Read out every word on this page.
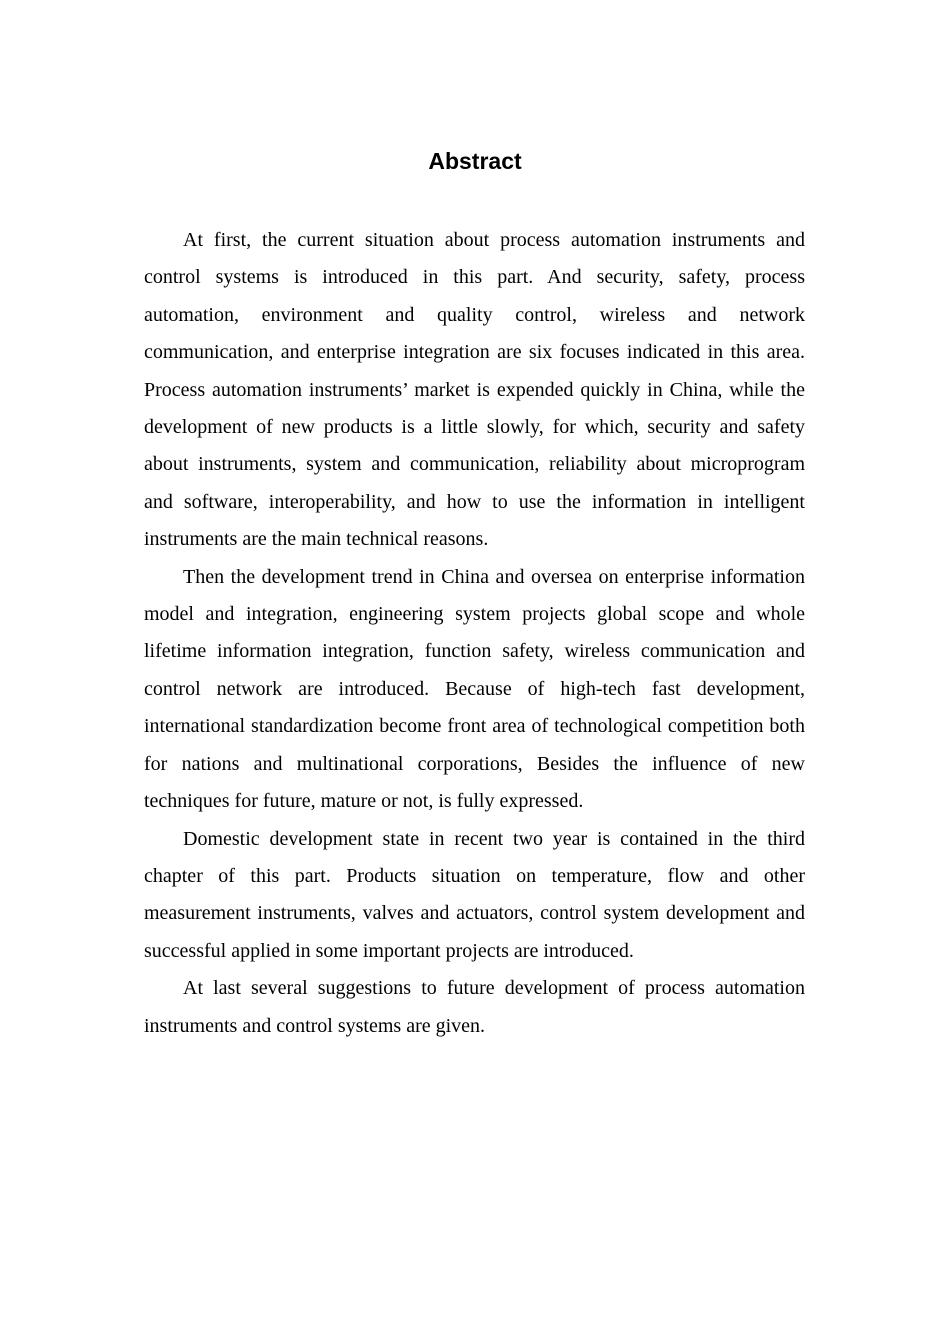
Abstract

At first, the current situation about process automation instruments and control systems is introduced in this part. And security, safety, process automation, environment and quality control, wireless and network communication, and enterprise integration are six focuses indicated in this area. Process automation instruments’ market is expended quickly in China, while the development of new products is a little slowly, for which, security and safety about instruments, system and communication, reliability about microprogram and software, interoperability, and how to use the information in intelligent instruments are the main technical reasons.

Then the development trend in China and oversea on enterprise information model and integration, engineering system projects global scope and whole lifetime information integration, function safety, wireless communication and control network are introduced. Because of high-tech fast development, international standardization become front area of technological competition both for nations and multinational corporations, Besides the influence of new techniques for future, mature or not, is fully expressed.

Domestic development state in recent two year is contained in the third chapter of this part. Products situation on temperature, flow and other measurement instruments, valves and actuators, control system development and successful applied in some important projects are introduced.

At last several suggestions to future development of process automation instruments and control systems are given.
